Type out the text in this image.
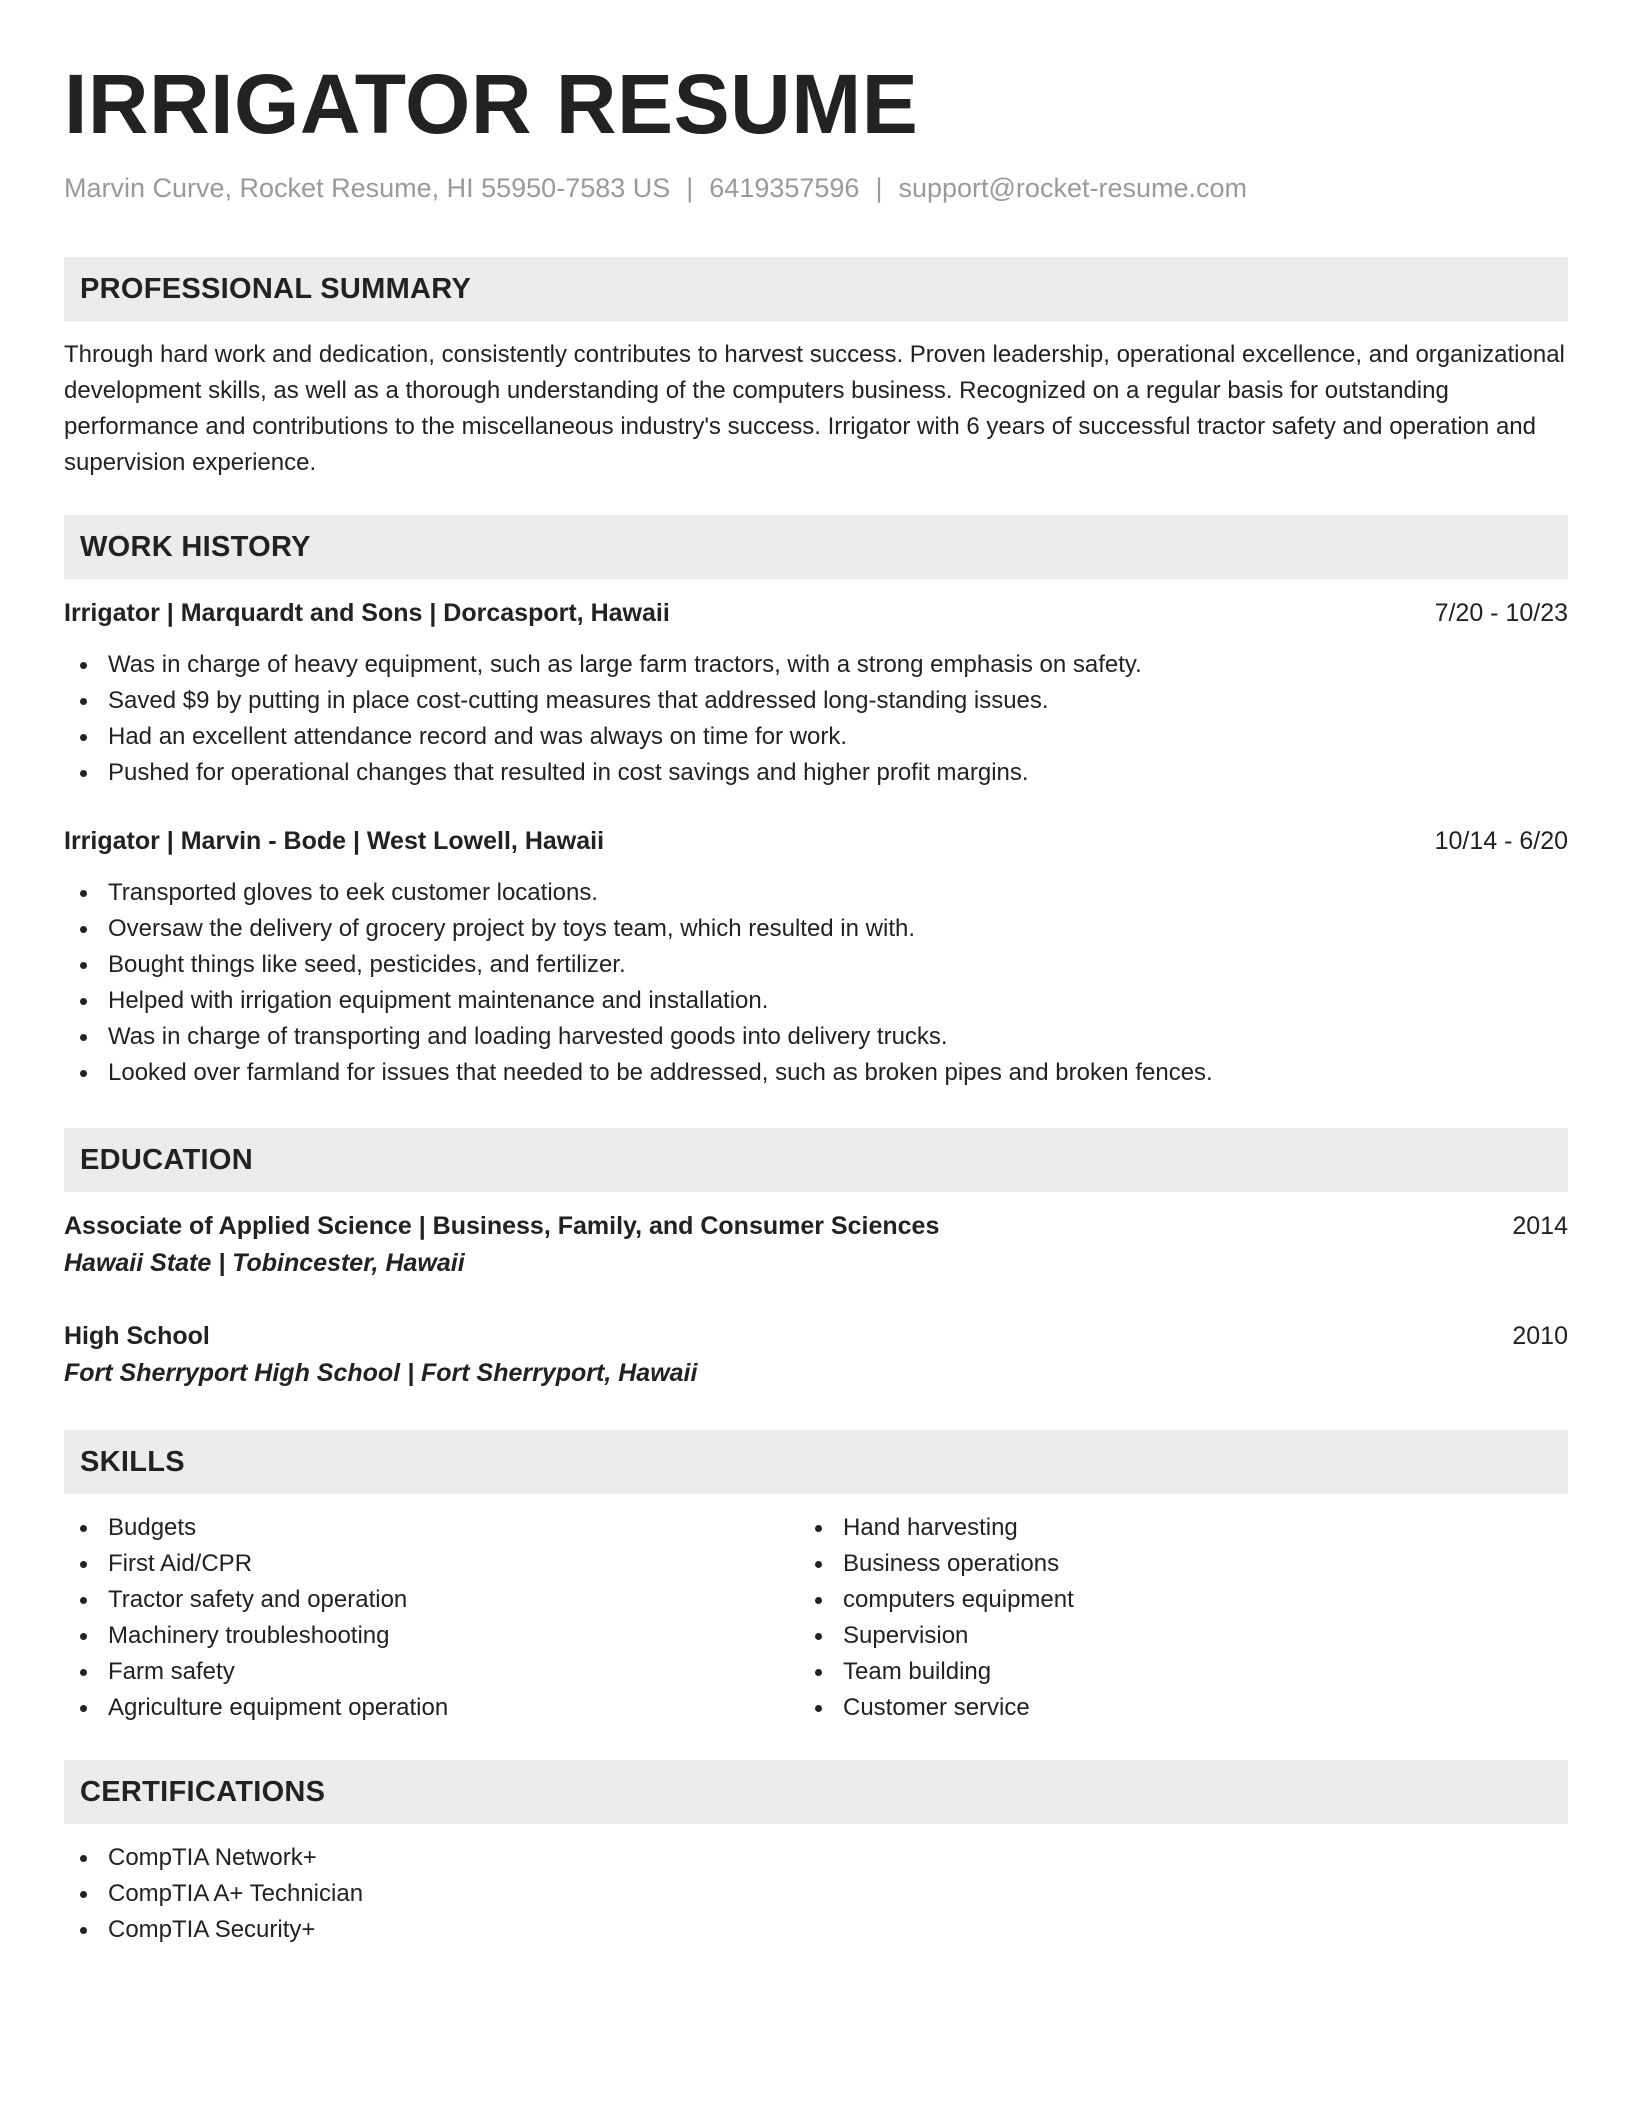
IRRIGATOR RESUME
Marvin Curve, Rocket Resume, HI 55950-7583 US | 6419357596 | support@rocket-resume.com
PROFESSIONAL SUMMARY
Through hard work and dedication, consistently contributes to harvest success. Proven leadership, operational excellence, and organizational development skills, as well as a thorough understanding of the computers business. Recognized on a regular basis for outstanding performance and contributions to the miscellaneous industry's success. Irrigator with 6 years of successful tractor safety and operation and supervision experience.
WORK HISTORY
Irrigator | Marquardt and Sons | Dorcasport, Hawaii	7/20 - 10/23
Was in charge of heavy equipment, such as large farm tractors, with a strong emphasis on safety.
Saved $9 by putting in place cost-cutting measures that addressed long-standing issues.
Had an excellent attendance record and was always on time for work.
Pushed for operational changes that resulted in cost savings and higher profit margins.
Irrigator | Marvin - Bode | West Lowell, Hawaii	10/14 - 6/20
Transported gloves to eek customer locations.
Oversaw the delivery of grocery project by toys team, which resulted in with.
Bought things like seed, pesticides, and fertilizer.
Helped with irrigation equipment maintenance and installation.
Was in charge of transporting and loading harvested goods into delivery trucks.
Looked over farmland for issues that needed to be addressed, such as broken pipes and broken fences.
EDUCATION
Associate of Applied Science | Business, Family, and Consumer Sciences	2014
Hawaii State | Tobincester, Hawaii
High School	2010
Fort Sherryport High School | Fort Sherryport, Hawaii
SKILLS
Budgets
First Aid/CPR
Tractor safety and operation
Machinery troubleshooting
Farm safety
Agriculture equipment operation
Hand harvesting
Business operations
computers equipment
Supervision
Team building
Customer service
CERTIFICATIONS
CompTIA Network+
CompTIA A+ Technician
CompTIA Security+
